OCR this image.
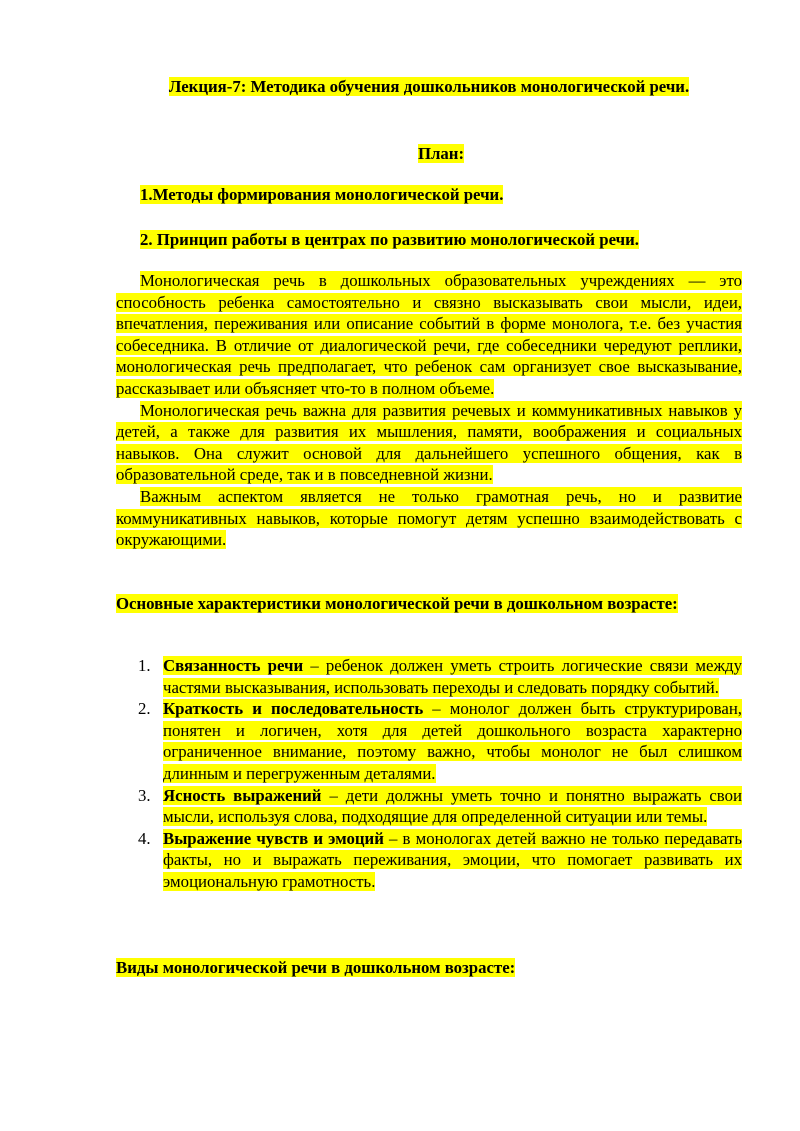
Лекция-7: Методика обучения дошкольников монологической речи.
План:
1.Методы формирования монологической речи.
2. Принцип работы в центрах по развитию монологической речи.

Монологическая речь в дошкольных образовательных учреждениях — это способность ребенка самостоятельно и связно высказывать свои мысли, идеи, впечатления, переживания или описание событий в форме монолога, т.е. без участия собеседника. В отличие от диалогической речи, где собеседники чередуют реплики, монологическая речь предполагает, что ребенок сам организует свое высказывание, рассказывает или объясняет что-то в полном объеме.

Монологическая речь важна для развития речевых и коммуникативных навыков у детей, а также для развития их мышления, памяти, воображения и социальных навыков. Она служит основой для дальнейшего успешного общения, как в образовательной среде, так и в повседневной жизни.

Важным аспектом является не только грамотная речь, но и развитие коммуникативных навыков, которые помогут детям успешно взаимодействовать с окружающими.

Основные характеристики монологической речи в дошкольном возрасте:
1. Связанность речи – ребенок должен уметь строить логические связи между частями высказывания, использовать переходы и следовать порядку событий.
2. Краткость и последовательность – монолог должен быть структурирован, понятен и логичен, хотя для детей дошкольного возраста характерно ограниченное внимание, поэтому важно, чтобы монолог не был слишком длинным и перегруженным деталями.
3. Ясность выражений – дети должны уметь точно и понятно выражать свои мысли, используя слова, подходящие для определенной ситуации или темы.
4. Выражение чувств и эмоций – в монологах детей важно не только передавать факты, но и выражать переживания, эмоции, что помогает развивать их эмоциональную грамотность.
Виды монологической речи в дошкольном возрасте:
